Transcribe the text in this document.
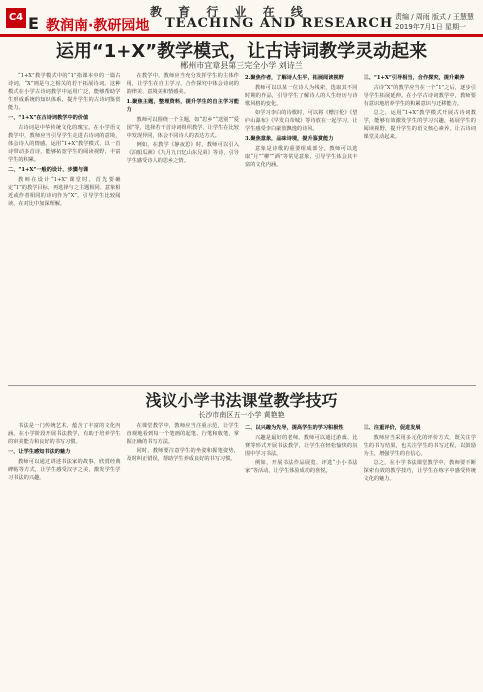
教 育 行 业 在 线
C4 E 教润南·教研园地 TEACHING AND RESEARCH 责编 / 周雨 版式 / 王慧慧
2019年7月1日 星期一
运用“1+X”教学模式，让古诗词教学灵动起来
郴州市宜章县第三完全小学 刘诗兰

“1+X”教学模式中的“1”指课本中的一篇古诗词，“X”则是与之相关的若干拓展诗词。这种模式在小学古诗词教学中运用广泛，能够帮助学生形成系统的知识体系，提升学生的古诗词鉴赏能力。

一、“1+X”在古诗词教学中的价值

古诗词是中华传统文化的瑰宝。在小学语文教学中，教师应当引导学生走进古诗词的意境，体会诗人的情感。运用“1+X”教学模式，以一首诗带动多首诗，能够拓宽学生的阅读视野，丰富学生的积累。

二、“1+X”一般的设计、步骤与课

教师在设计“1+X”课堂时，首先要确定“1”的教学目标，再选择与之主题相同、意象相近或作者相同的诗词作为“X”，引导学生比较阅读，在对比中加深理解。

在教学中，教师应当充分发挥学生的主体作用，让学生在自主学习、合作探究中体会诗词的韵律美、意境美和情感美。

1.聚焦主题，整理资料，提升学生的自主学习能力

教师可以围绕一个主题，如“思乡”“送别”“爱国”等，选择若干首诗词组织教学，让学生在比较中发现异同，体会不同诗人的表达方式。

例如，在教学《静夜思》时，教师可以引入《泊船瓜洲》《九月九日忆山东兄弟》等诗，引导学生感受诗人的思乡之情。

2.聚焦作者，了解诗人生平，拓展阅读视野

教师可以以某一位诗人为线索，选取其不同时期的作品，引导学生了解诗人的人生经历与诗歌风格的变化。

如学习李白的诗歌时，可以将《赠汪伦》《望庐山瀑布》《早发白帝城》等诗放在一起学习，让学生感受李白豪放飘逸的诗风。

3.聚焦意象，品味诗境，提升鉴赏能力

意象是诗歌的重要组成部分。教师可以选取“月”“柳”“酒”等常见意象，引导学生体会其丰富的文化内涵。

三、“1+X”引导相当，合作探究，提升素养

古诗“X”的教学应当在一个“1”之后，逐步引导学生拓展延伸。在小学古诗词教学中，教师要有意识地培养学生的积累意识与迁移能力。

总之，运用“1+X”教学模式开展古诗词教学，能够有效激发学生的学习兴趣，拓展学生的阅读视野，提升学生的语文核心素养，让古诗词课堂灵动起来。

浅议小学书法课堂教学技巧
长沙市南区五一小学 黄艳艳

书法是一门传统艺术，蕴含了丰富的文化内涵。在小学阶段开展书法教学，有助于培养学生的审美能力和良好的书写习惯。

一、让学生感知书法的魅力

教师可以通过讲述书法家的故事、欣赏经典碑帖等方式，让学生感受汉字之美，激发学生学习书法的兴趣。

在课堂教学中，教师应当注重示范，让学生直观地看到每一个笔画的起笔、行笔和收笔，掌握正确的书写方法。

同时，教师要注意学生的坐姿和握笔姿势，及时纠正错误，帮助学生养成良好的书写习惯。

二、以兴趣为先导，提高学生的学习积极性

兴趣是最好的老师。教师可以通过游戏、比赛等形式开展书法教学，让学生在轻松愉快的氛围中学习书法。

例如，开展书法作品展览、评选“小小书法家”等活动，让学生体验成功的喜悦。

三、注重评价，促进发展

教师应当采用多元化的评价方式，既关注学生的书写结果，也关注学生的书写过程，以鼓励为主，增强学生的自信心。

总之，在小学书法课堂教学中，教师要不断探索有效的教学技巧，让学生在练字中感受传统文化的魅力。
